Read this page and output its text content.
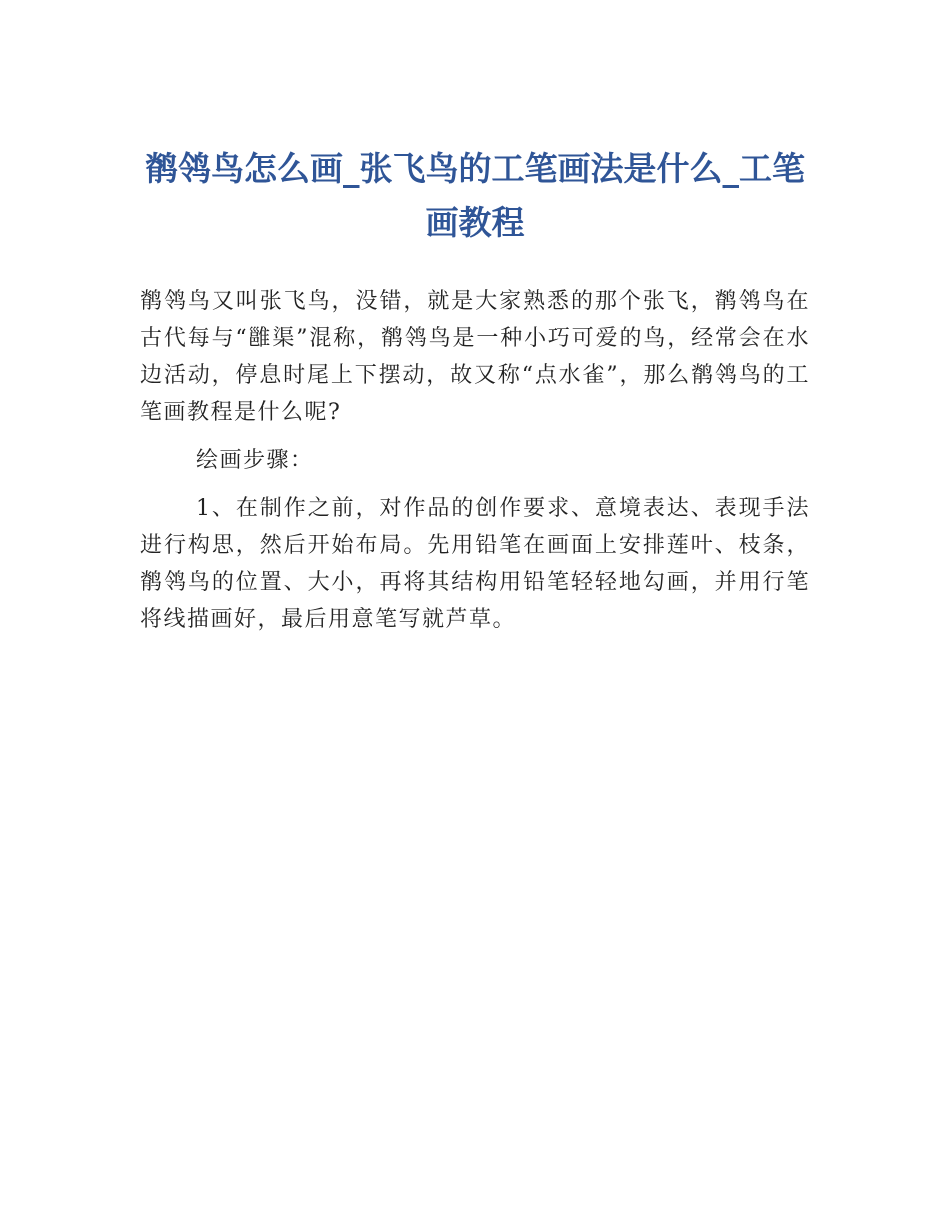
鹡鸰鸟怎么画_张飞鸟的工笔画法是什么_工笔画教程

鹡鸰鸟又叫张飞鸟，没错，就是大家熟悉的那个张飞，鹡鸰鸟在古代每与“雝渠”混称，鹡鸰鸟是一种小巧可爱的鸟，经常会在水边活动，停息时尾上下摆动，故又称“点水雀”，那么鹡鸰鸟的工笔画教程是什么呢?

绘画步骤：

1、在制作之前，对作品的创作要求、意境表达、表现手法进行构思，然后开始布局。先用铅笔在画面上安排莲叶、枝条，鹡鸰鸟的位置、大小，再将其结构用铅笔轻轻地勾画，并用行笔将线描画好，最后用意笔写就芦草。
